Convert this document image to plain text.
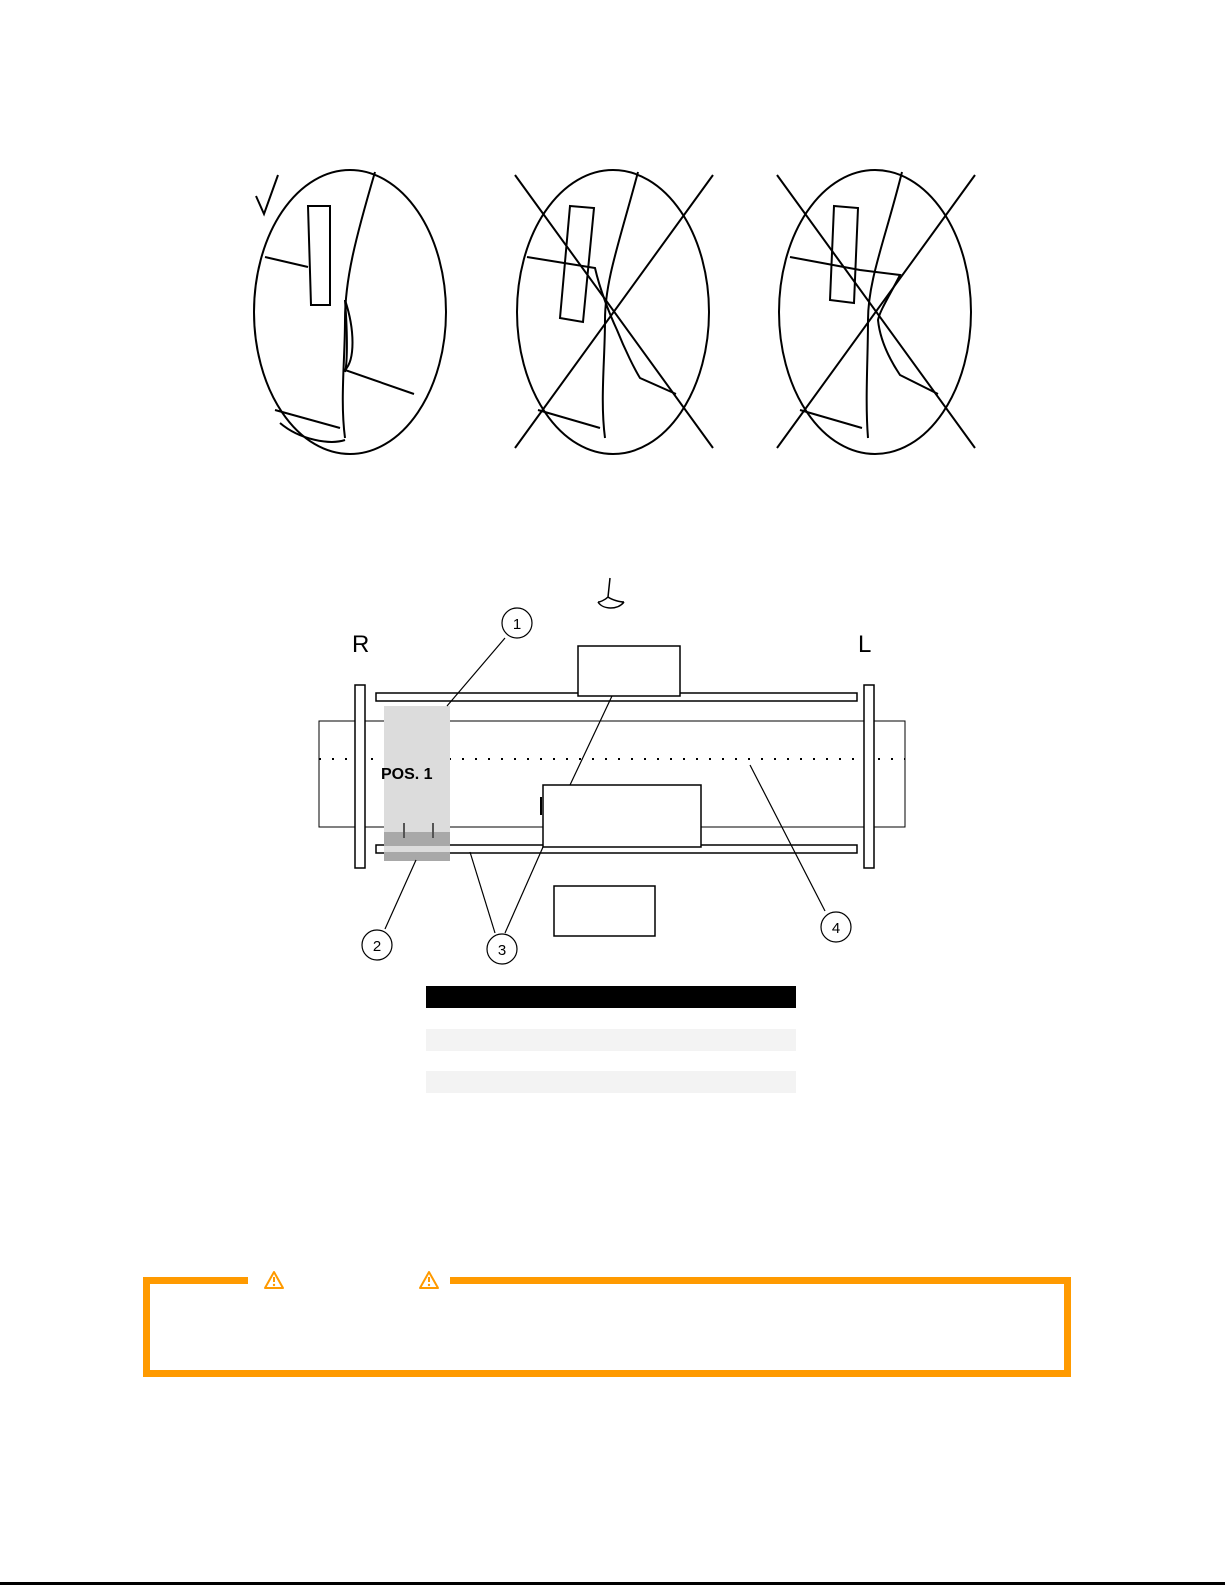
R	L
POS. 1
1
2	3
4
